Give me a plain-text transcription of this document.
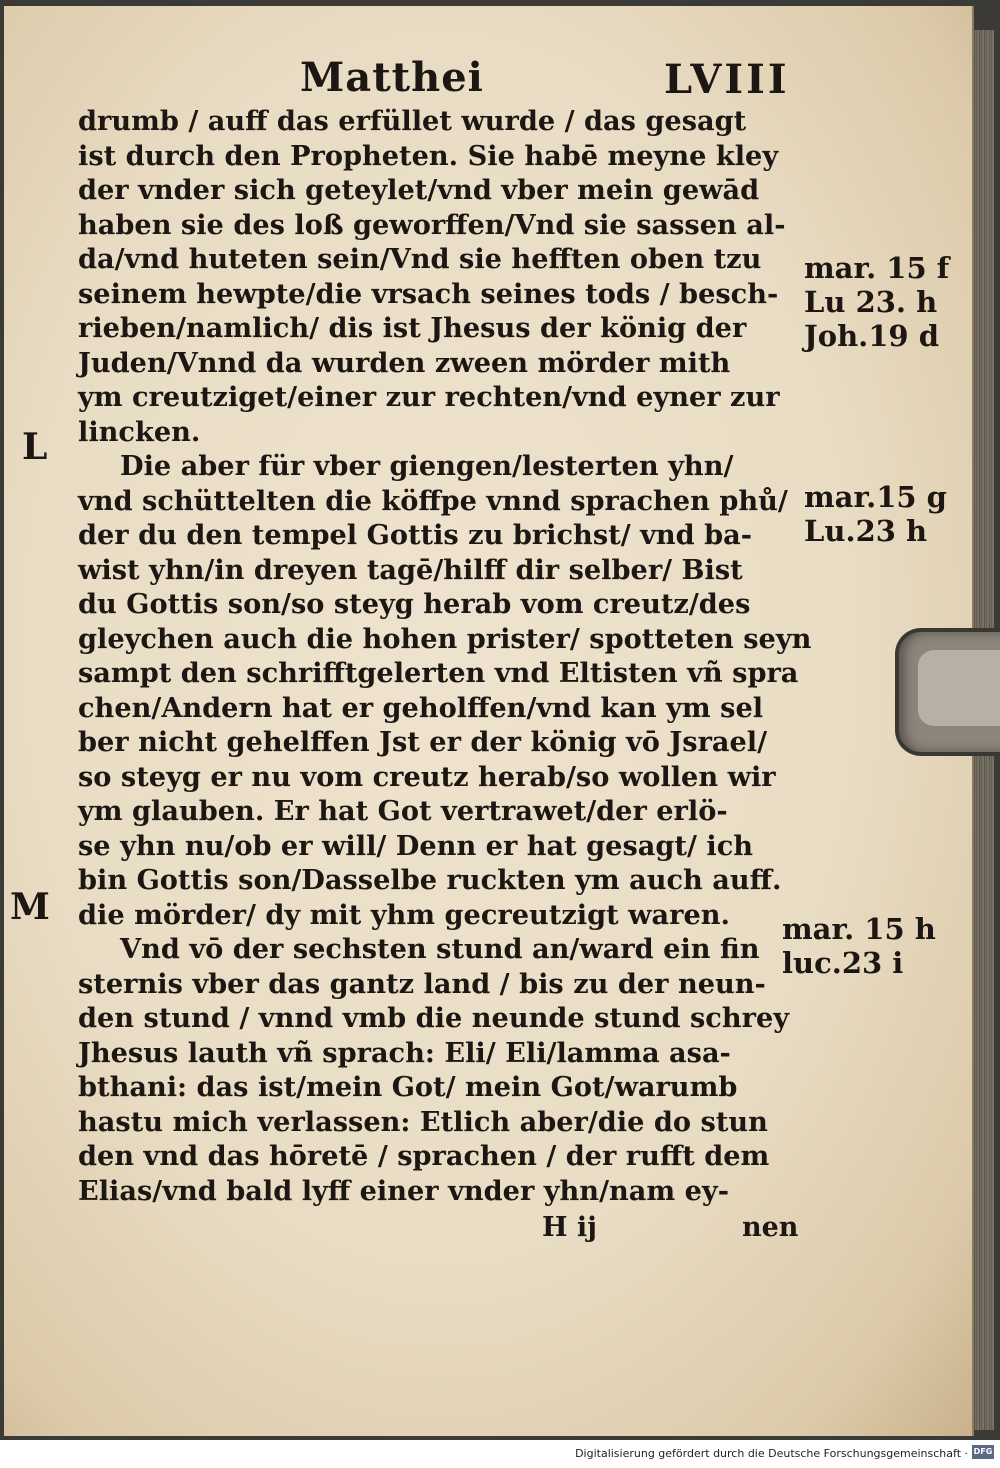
Matthei	LVIII
drumb / auff das erfüllet wurde / das gesagt
ist durch den Propheten. Sie habē meyne kley
der vnder sich geteylet/vnd vber mein gewād
haben sie des loß geworffen/Vnd sie sassen al-
da/vnd huteten sein/Vnd sie hefften oben tzu
seinem hewpte/die vrsach seines tods / besch-
rieben/namlich/ dis ist Jhesus der könig der
Juden/Vnnd da wurden zween mörder mith
ym creutziget/einer zur rechten/vnd eyner zur
lincken.
Die aber für vber giengen/lesterten yhn/
vnd schüttelten die köffpe vnnd sprachen phů/
der du den tempel Gottis zu brichst/ vnd ba-
wist yhn/in dreyen tagē/hilff dir selber/ Bist
du Gottis son/so steyg herab vom creutz/des
gleychen auch die hohen prister/ spotteten seyn
sampt den schrifftgelerten vnd Eltisten vñ spra
chen/Andern hat er geholffen/vnd kan ym sel
ber nicht gehelffen Jst er der könig vō Jsrael/
so steyg er nu vom creutz herab/so wollen wir
ym glauben. Er hat Got vertrawet/der erlö-
se yhn nu/ob er will/ Denn er hat gesagt/ ich
bin Gottis son/Dasselbe ruckten ym auch auff.
die mörder/ dy mit yhm gecreutzigt waren.
Vnd vō der sechsten stund an/ward ein fin
sternis vber das gantz land / bis zu der neun-
den stund / vnnd vmb die neunde stund schrey
Jhesus lauth vñ sprach: Eli/ Eli/lamma asa-
bthani: das ist/mein Got/ mein Got/warumb
hastu mich verlassen: Etlich aber/die do stun
den vnd das hōretē / sprachen / der rufft dem
Elias/vnd bald lyff einer vnder yhn/nam ey-
H ij	nen
mar. 15 f
Lu 23. h
Joh.19 d
mar.15 g
Lu.23 h
mar. 15 h
luc.23 i
L
M
Digitalisierung gefördert durch die Deutsche Forschungsgemeinschaft · DFG
